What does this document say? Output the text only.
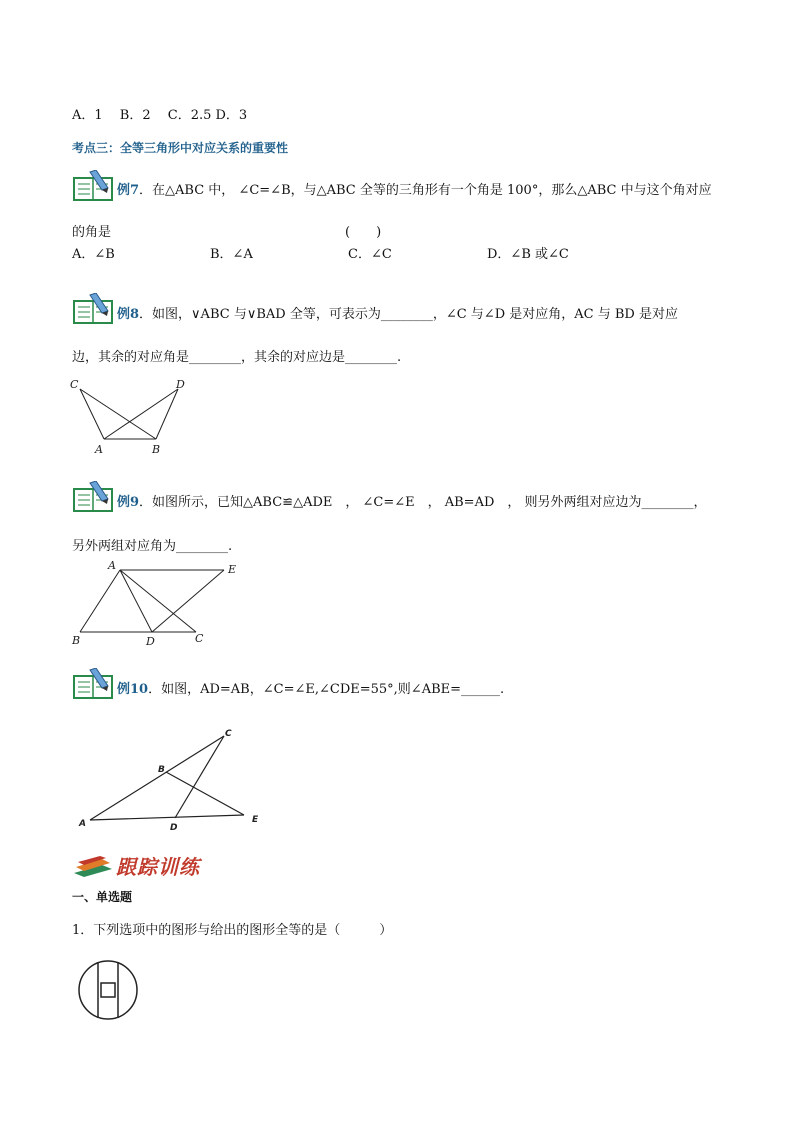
A．1　 B．2　 C．2.5 D．3
考点三：全等三角形中对应关系的重要性
例7．在△ABC 中， ∠C=∠B，与△ABC 全等的三角形有一个角是 100°，那么△ABC 中与这个角对应
的角是	(　　)
A．∠B	B．∠A	C．∠C	D．∠B 或∠C
例8．如图，∨ABC 与∨BAD 全等，可表示为________，∠C 与∠D 是对应角，AC 与 BD 是对应
边，其余的对应角是________，其余的对应边是________.
C	D
A	B
例9．如图所示，已知△ABC≌△ADE　， ∠C=∠E　， AB=AD　， 则另外两组对应边为________，
另外两组对应角为________.
A	E
B	D	C
例10．如图，AD=AB，∠C=∠E,∠CDE=55°,则∠ABE=______.
C
B
A	D
E
跟踪训练
一、单选题
1．下列选项中的图形与给出的图形全等的是（　　　）
